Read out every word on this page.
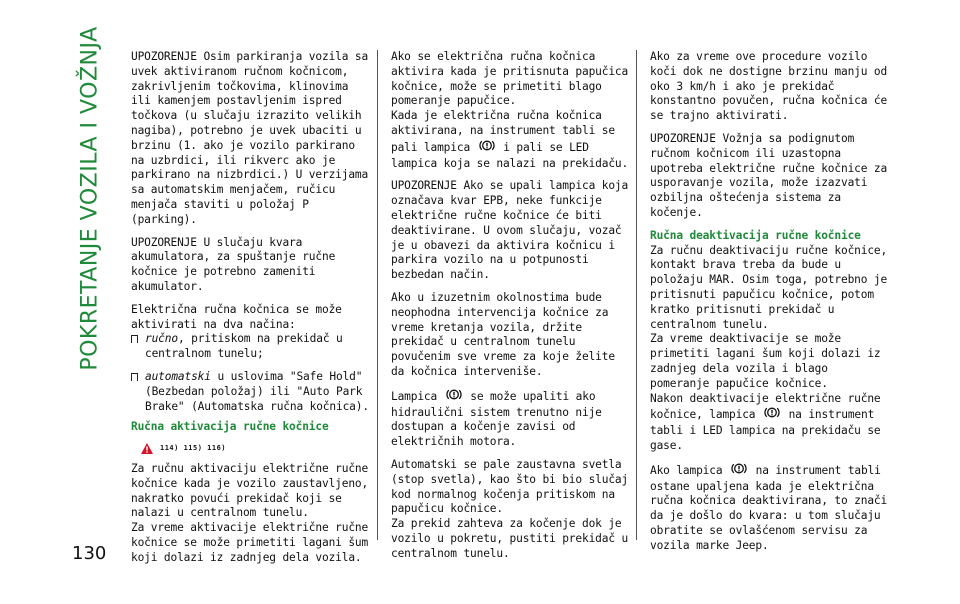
POKRETANJE VOZILA I VOŽNJA
130

UPOZORENJE Osim parkiranja vozila sa uvek aktiviranom ručnom kočnicom, zakrivljenim točkovima, klinovima ili kamenjem postavljenim ispred točkova (u slučaju izrazito velikih nagiba), potrebno je uvek ubaciti u brzinu (1. ako je vozilo parkirano na uzbrdici, ili rikverc ako je parkirano na nizbrdici.) U verzijama sa automatskim menjačem, ručicu menjača staviti u položaj P (parking).

UPOZORENJE U slučaju kvara akumulatora, za spuštanje ručne kočnice je potrebno zameniti akumulator.

Električna ručna kočnica se može aktivirati na dva načina:

ručno, pritiskom na prekidač u centralnom tunelu;

automatski u uslovima "Safe Hold" (Bezbedan položaj) ili "Auto Park Brake" (Automatska ručna kočnica).

Ručna aktivacija ručne kočnice
114) 115) 116)

Za ručnu aktivaciju električne ručne kočnice kada je vozilo zaustavljeno, nakratko povući prekidač koji se nalazi u centralnom tunelu.

Za vreme aktivacije električne ručne kočnice se može primetiti lagani šum koji dolazi iz zadnjeg dela vozila.

Ako se električna ručna kočnica aktivira kada je pritisnuta papučica kočnice, može se primetiti blago pomeranje papučice.

Kada je električna ručna kočnica aktivirana, na instrument tabli se pali lampica	i pali se LED lampica koja se nalazi na prekidaču.

UPOZORENJE Ako se upali lampica koja označava kvar EPB, neke funkcije električne ručne kočnice će biti deaktivirane. U ovom slučaju, vozač je u obavezi da aktivira kočnicu i parkira vozilo na u potpunosti bezbedan način.

Ako u izuzetnim okolnostima bude neophodna intervencija kočnice za vreme kretanja vozila, držite prekidač u centralnom tunelu povučenim sve vreme za koje želite da kočnica interveniše.

Lampica	se može upaliti ako hidraulični sistem trenutno nije dostupan a kočenje zavisi od električnih motora.

Automatski se pale zaustavna svetla (stop svetla), kao što bi bio slučaj kod normalnog kočenja pritiskom na papučicu kočnice.

Za prekid zahteva za kočenje dok je vozilo u pokretu, pustiti prekidač u centralnom tunelu.

Ako za vreme ove procedure vozilo koči dok ne dostigne brzinu manju od oko 3 km/h i ako je prekidač konstantno povučen, ručna kočnica će se trajno aktivirati.

UPOZORENJE Vožnja sa podignutom ručnom kočnicom ili uzastopna upotreba električne ručne kočnice za usporavanje vozila, može izazvati ozbiljna oštećenja sistema za kočenje.

Ručna deaktivacija ručne kočnice

Za ručnu deaktivaciju ručne kočnice, kontakt brava treba da bude u položaju MAR. Osim toga, potrebno je pritisnuti papučicu kočnice, potom kratko pritisnuti prekidač u centralnom tunelu.

Za vreme deaktivacije se može primetiti lagani šum koji dolazi iz zadnjeg dela vozila i blago pomeranje papučice kočnice.

Nakon deaktivacije električne ručne kočnice, lampica	na instrument tabli i LED lampica na prekidaču se gase.

Ako lampica	na instrument tabli ostane upaljena kada je električna ručna kočnica deaktivirana, to znači da je došlo do kvara: u tom slučaju obratite se ovlašćenom servisu za vozila marke Jeep.
